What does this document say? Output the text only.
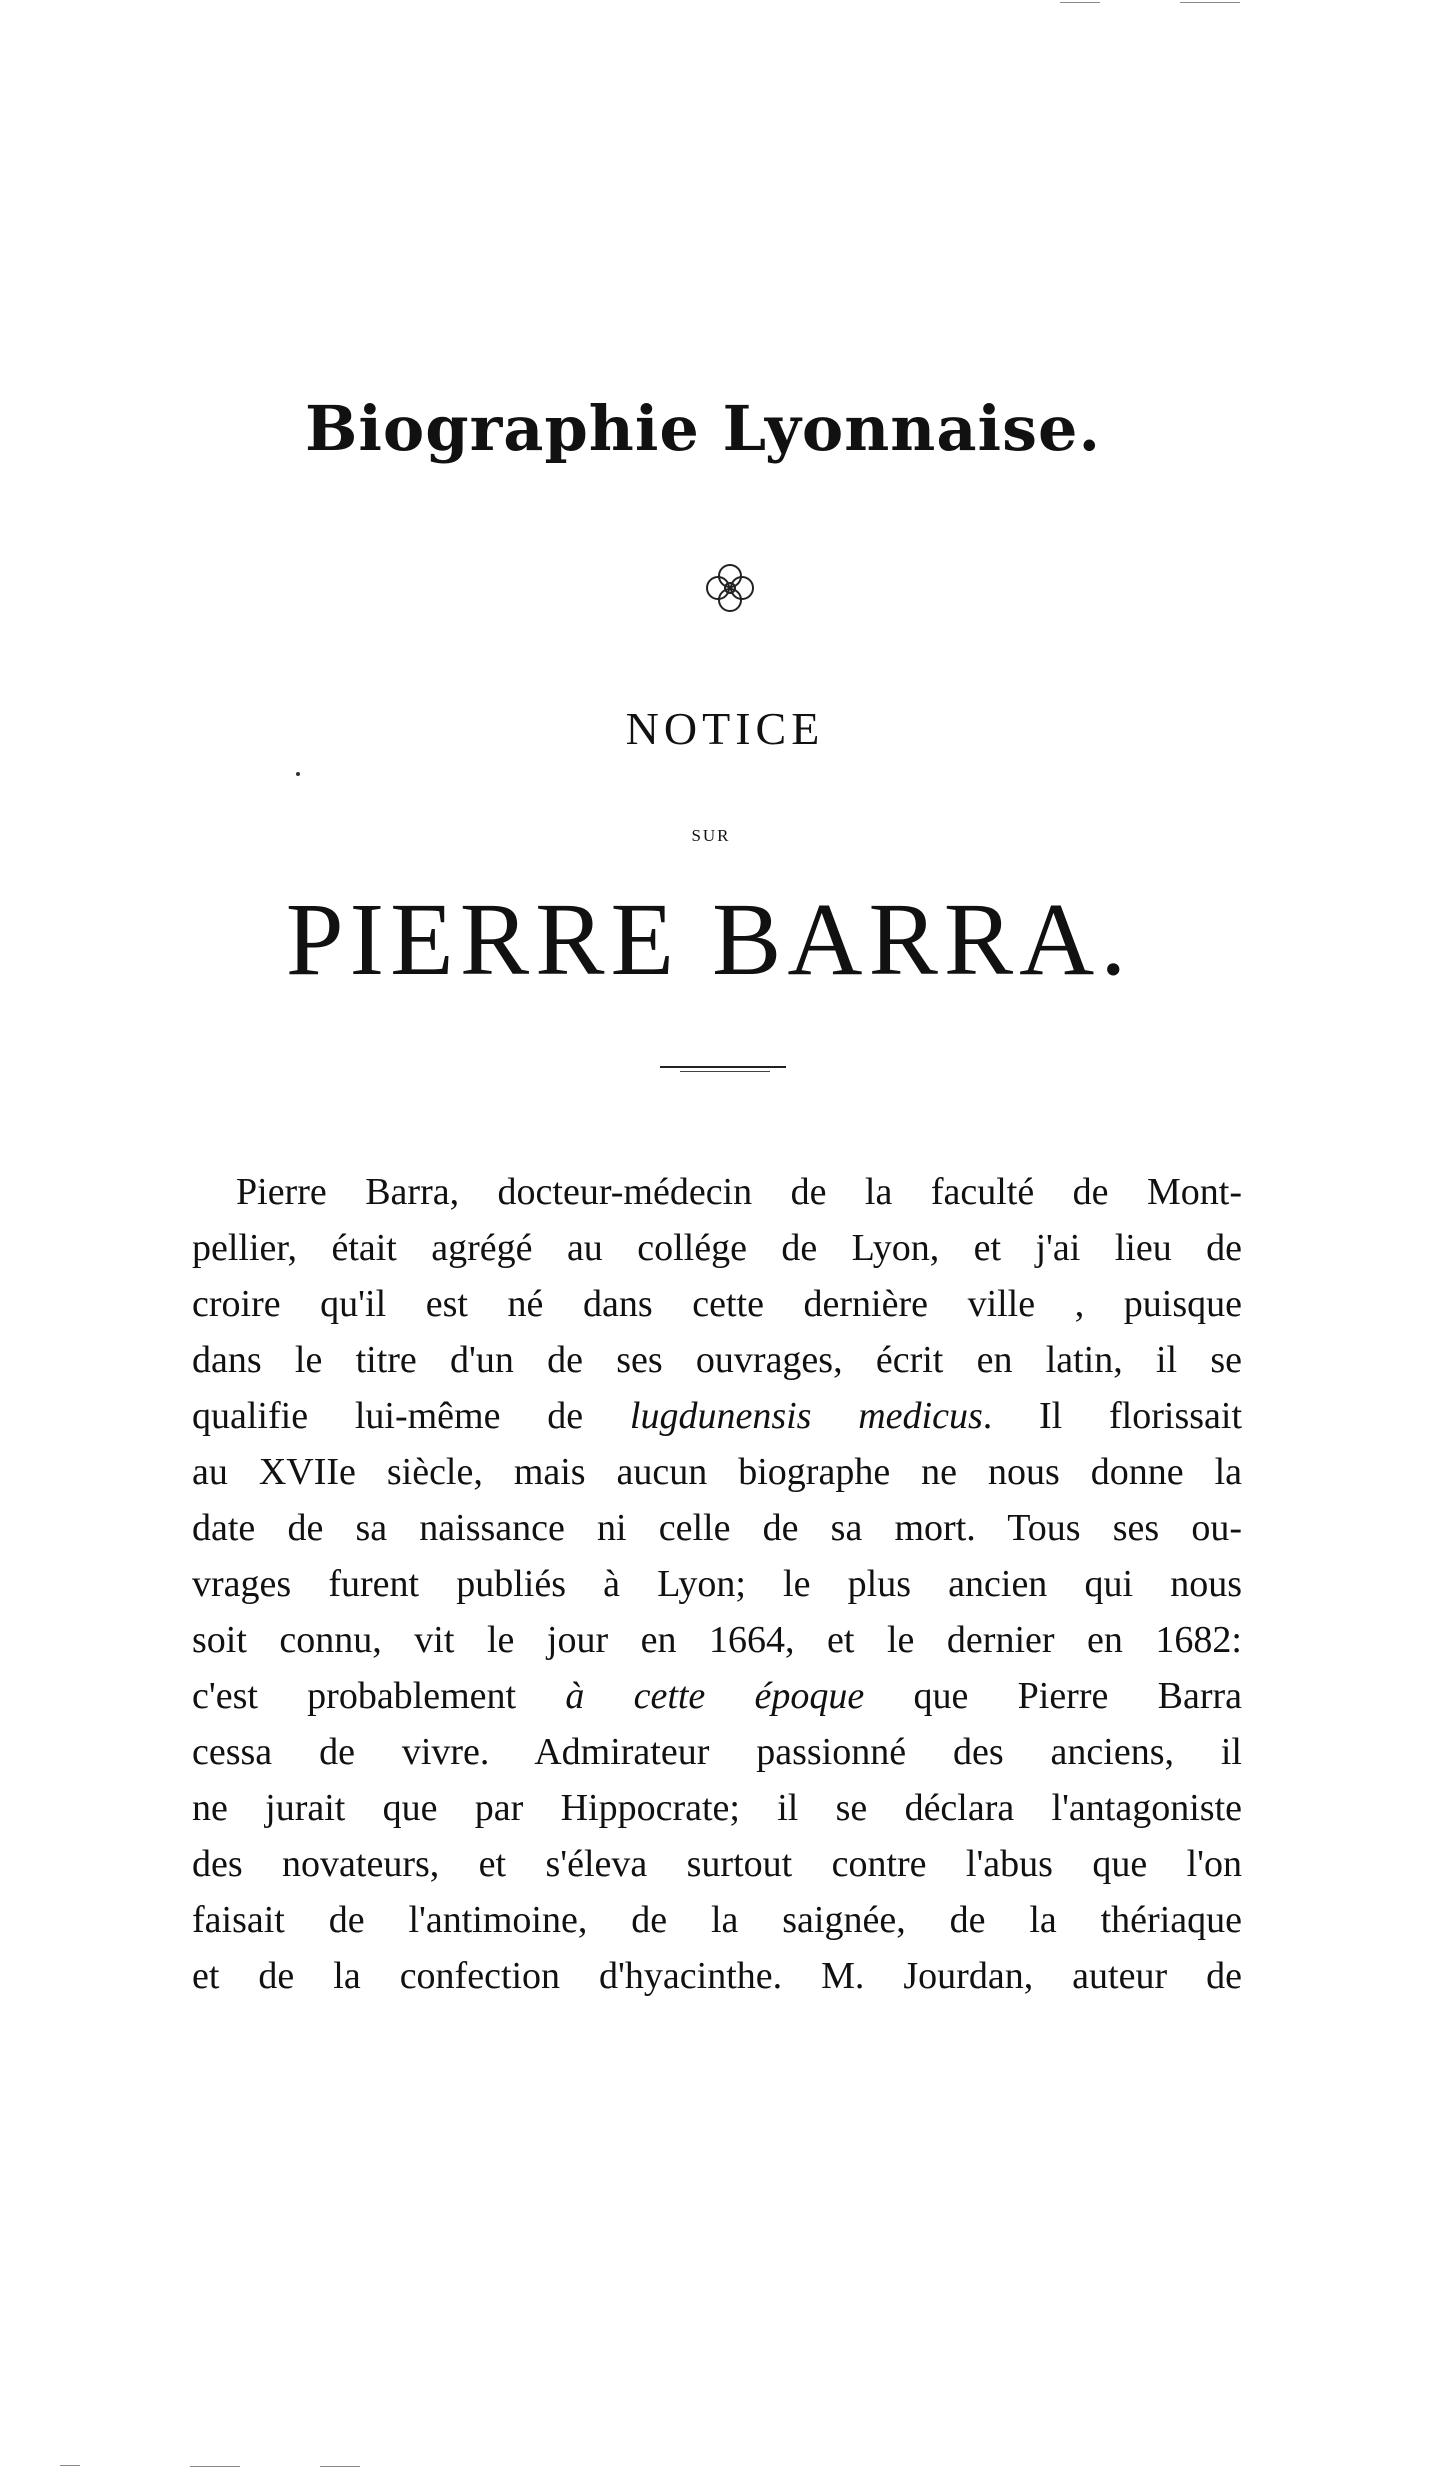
Biographie Lyonnaise.
NOTICE
SUR
PIERRE BARRA.
Pierre Barra, docteur-médecin de la faculté de Mont-
pellier, était agrégé au collége de Lyon, et j'ai lieu de
croire qu'il est né dans cette dernière ville , puisque
dans le titre d'un de ses ouvrages, écrit en latin, il se
qualifie lui-même de lugdunensis medicus. Il florissait
au XVIIe siècle, mais aucun biographe ne nous donne la
date de sa naissance ni celle de sa mort. Tous ses ou-
vrages furent publiés à Lyon; le plus ancien qui nous
soit connu, vit le jour en 1664, et le dernier en 1682:
c'est probablement à cette époque que Pierre Barra
cessa de vivre. Admirateur passionné des anciens, il
ne jurait que par Hippocrate; il se déclara l'antagoniste
des novateurs, et s'éleva surtout contre l'abus que l'on
faisait de l'antimoine, de la saignée, de la thériaque
et de la confection d'hyacinthe. M. Jourdan, auteur de
